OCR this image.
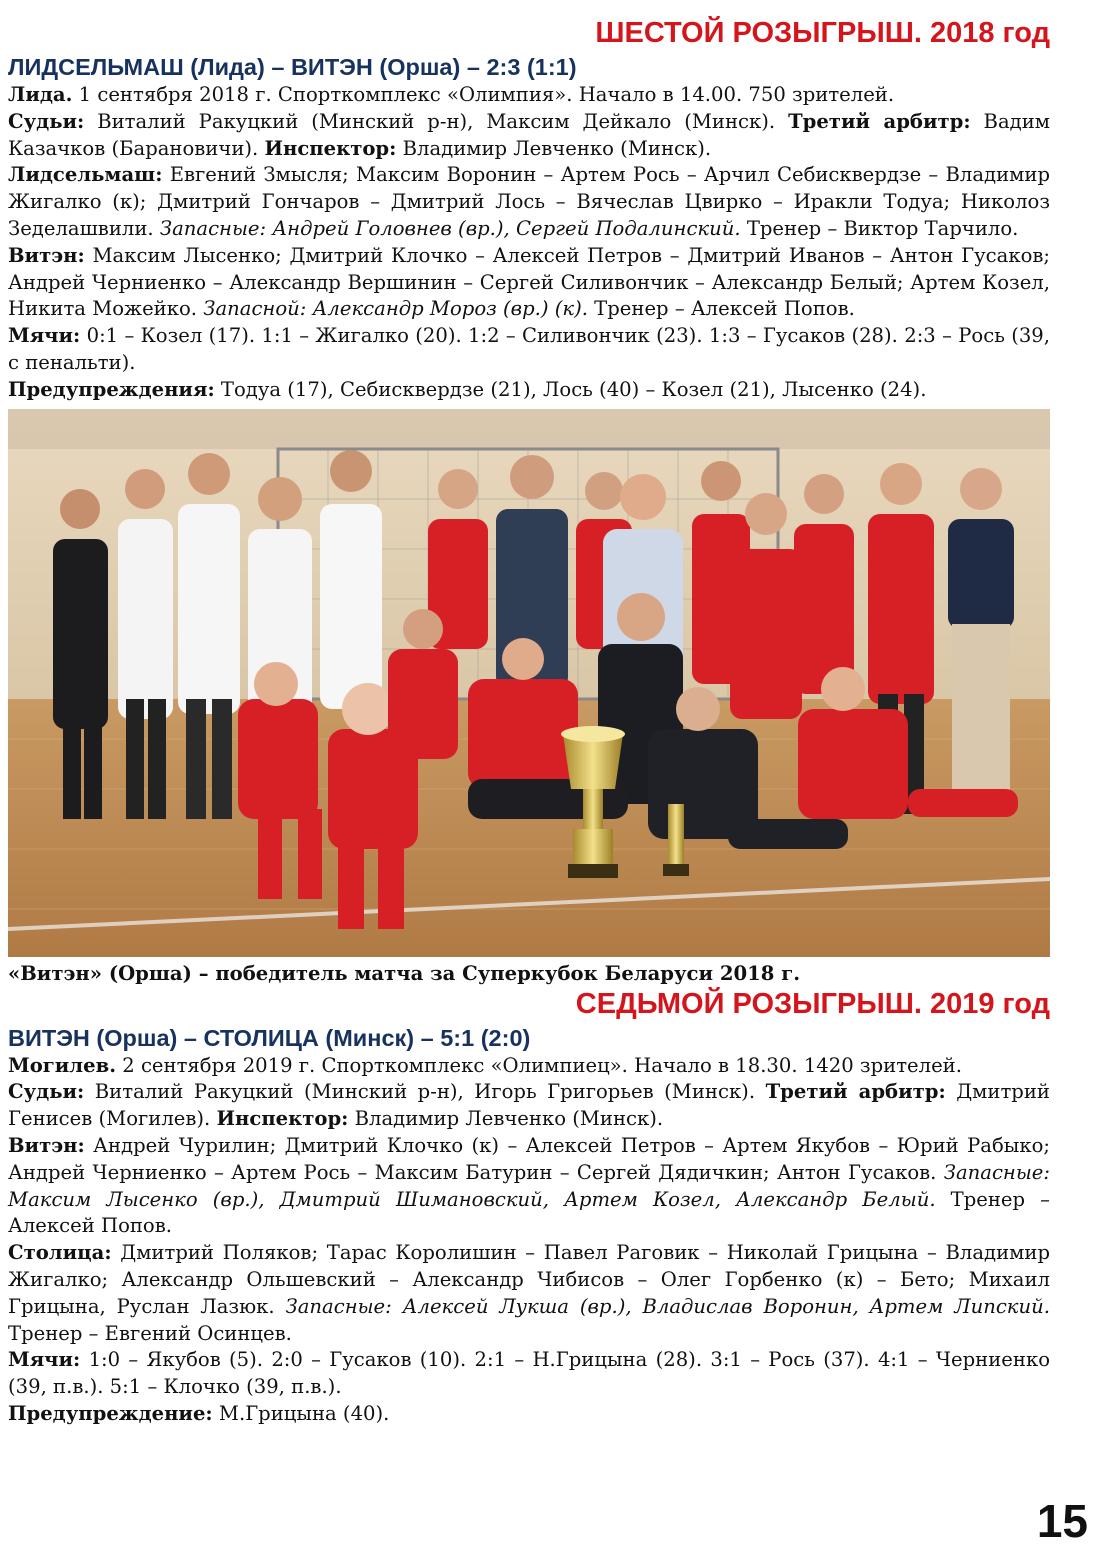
ШЕСТОЙ РОЗЫГРЫШ. 2018 год
ЛИДСЕЛЬМАШ (Лида) – ВИТЭН (Орша) – 2:3 (1:1)

Лида. 1 сентября 2018 г. Спорткомплекс «Олимпия». Начало в 14.00. 750 зрителей.

Судьи: Виталий Ракуцкий (Минский р-н), Максим Дейкало (Минск). Третий арбитр: Вадим Казачков (Барановичи). Инспектор: Владимир Левченко (Минск).

Лидсельмаш: Евгений Змысля; Максим Воронин – Артем Рось – Арчил Себисквердзе – Владимир Жигалко (к); Дмитрий Гончаров – Дмитрий Лось – Вячеслав Цвирко – Иракли Тодуа; Николоз Зеделашвили. Запасные: Андрей Головнев (вр.), Сергей Подалинский. Тренер – Виктор Тарчило.

Витэн: Максим Лысенко; Дмитрий Клочко – Алексей Петров – Дмитрий Иванов – Антон Гусаков; Андрей Черниенко – Александр Вершинин – Сергей Силивончик – Александр Белый; Артем Козел, Никита Можейко. Запасной: Александр Мороз (вр.) (к). Тренер – Алексей Попов.

Мячи: 0:1 – Козел (17). 1:1 – Жигалко (20). 1:2 – Силивончик (23). 1:3 – Гусаков (28). 2:3 – Рось (39, с пенальти).

Предупреждения: Тодуа (17), Себисквердзе (21), Лось (40) – Козел (21), Лысенко (24).

«Витэн» (Орша) – победитель матча за Суперкубок Беларуси 2018 г.
СЕДЬМОЙ РОЗЫГРЫШ. 2019 год
ВИТЭН (Орша) – СТОЛИЦА (Минск) – 5:1 (2:0)

Могилев. 2 сентября 2019 г. Спорткомплекс «Олимпиец». Начало в 18.30. 1420 зрителей.

Судьи: Виталий Ракуцкий (Минский р-н), Игорь Григорьев (Минск). Третий арбитр: Дмитрий Генисев (Могилев). Инспектор: Владимир Левченко (Минск).

Витэн: Андрей Чурилин; Дмитрий Клочко (к) – Алексей Петров – Артем Якубов – Юрий Рабыко; Андрей Черниенко – Артем Рось – Максим Батурин – Сергей Дядичкин; Антон Гусаков. Запасные: Максим Лысенко (вр.), Дмитрий Шимановский, Артем Козел, Александр Белый. Тренер – Алексей Попов.

Столица: Дмитрий Поляков; Тарас Королишин – Павел Раговик – Николай Грицына – Владимир Жигалко; Александр Ольшевский – Александр Чибисов – Олег Горбенко (к) – Бето; Михаил Грицына, Руслан Лазюк. Запасные: Алексей Лукша (вр.), Владислав Воронин, Артем Липский. Тренер – Евгений Осинцев.

Мячи: 1:0 – Якубов (5). 2:0 – Гусаков (10). 2:1 – Н.Грицына (28). 3:1 – Рось (37). 4:1 – Черниенко (39, п.в.). 5:1 – Клочко (39, п.в.).

Предупреждение: М.Грицына (40).

15
